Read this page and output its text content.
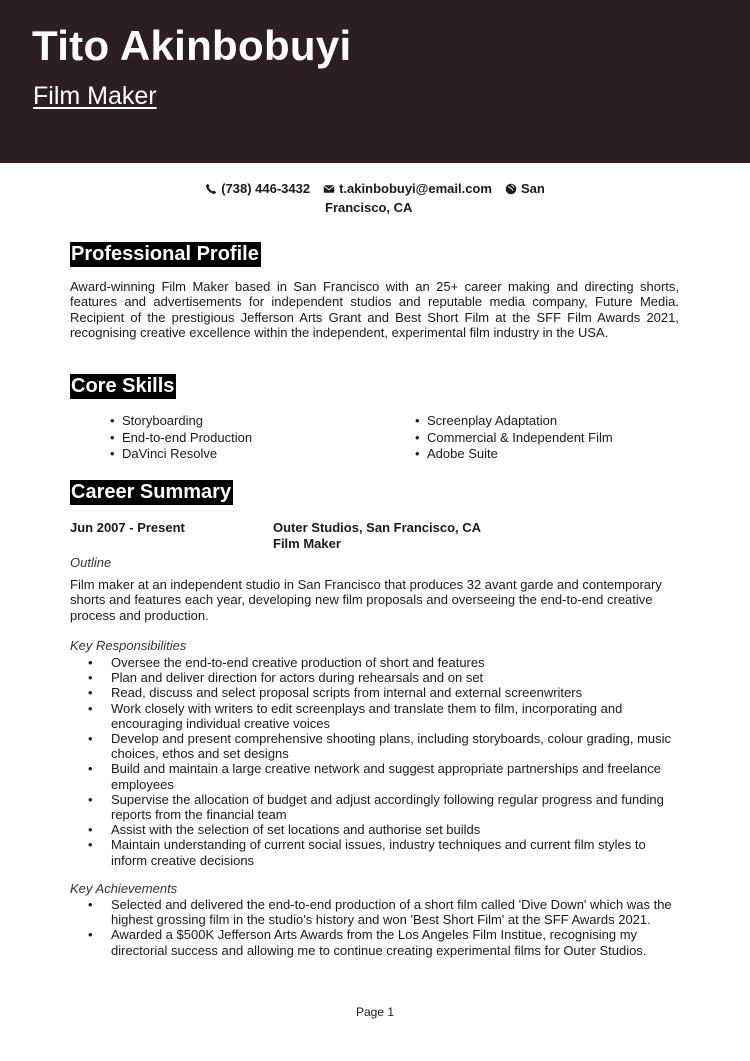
Tito Akinbobuyi
Film Maker
(738) 446-3432 t.akinbobuyi@email.com San
Francisco, CA
Professional Profile
Award-winning Film Maker based in San Francisco with an 25+ career making and directing shorts, features and advertisements for independent studios and reputable media company, Future Media. Recipient of the prestigious Jefferson Arts Grant and Best Short Film at the SFF Film Awards 2021, recognising creative excellence within the independent, experimental film industry in the USA.
Core Skills
• Storyboarding
• End-to-end Production
• DaVinci Resolve
• Screenplay Adaptation
• Commercial & Independent Film
• Adobe Suite
Career Summary
Jun 2007 - Present	Outer Studios, San Francisco, CA
Film Maker
Outline
Film maker at an independent studio in San Francisco that produces 32 avant garde and contemporary shorts and features each year, developing new film proposals and overseeing the end-to-end creative process and production.
Key Responsibilities
• Oversee the end-to-end creative production of short and features
• Plan and deliver direction for actors during rehearsals and on set
• Read, discuss and select proposal scripts from internal and external screenwriters
• Work closely with writers to edit screenplays and translate them to film, incorporating and encouraging individual creative voices
• Develop and present comprehensive shooting plans, including storyboards, colour grading, music choices, ethos and set designs
• Build and maintain a large creative network and suggest appropriate partnerships and freelance employees
• Supervise the allocation of budget and adjust accordingly following regular progress and funding reports from the financial team
• Assist with the selection of set locations and authorise set builds
• Maintain understanding of current social issues, industry techniques and current film styles to inform creative decisions
Key Achievements
• Selected and delivered the end-to-end production of a short film called 'Dive Down' which was the highest grossing film in the studio's history and won 'Best Short Film' at the SFF Awards 2021.
• Awarded a $500K Jefferson Arts Awards from the Los Angeles Film Institue, recognising my directorial success and allowing me to continue creating experimental films for Outer Studios.
Page 1
